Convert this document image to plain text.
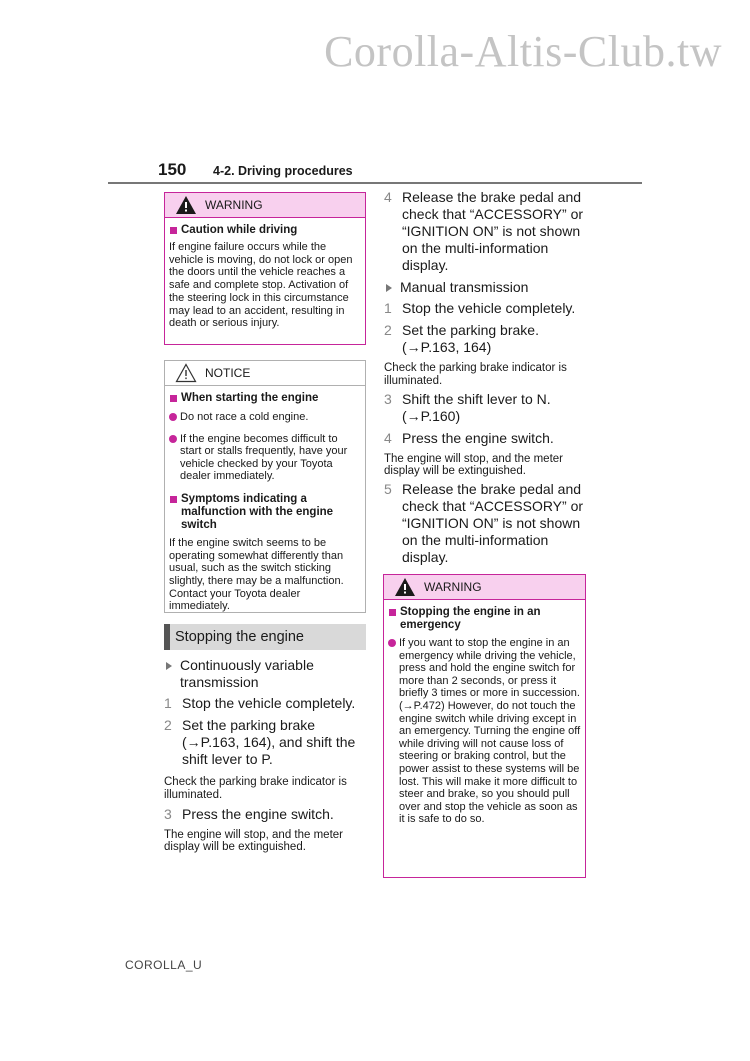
Corolla-Altis-Club.tw
150 4-2. Driving procedures
WARNING
Caution while driving
If engine failure occurs while the vehicle is moving, do not lock or open the doors until the vehicle reaches a safe and complete stop. Activation of the steering lock in this circumstance may lead to an accident, resulting in death or serious injury.
NOTICE
When starting the engine
Do not race a cold engine.
If the engine becomes difficult to start or stalls frequently, have your vehicle checked by your Toyota dealer immediately.
Symptoms indicating a malfunction with the engine switch
If the engine switch seems to be operating somewhat differently than usual, such as the switch sticking slightly, there may be a malfunction. Contact your Toyota dealer immediately.
Stopping the engine
Continuously variable transmission
1 Stop the vehicle completely.
2 Set the parking brake (→P.163, 164), and shift the shift lever to P.
Check the parking brake indicator is illuminated.
3 Press the engine switch.
The engine will stop, and the meter display will be extinguished.
4 Release the brake pedal and check that “ACCESSORY” or “IGNITION ON” is not shown on the multi-information display.
Manual transmission
1 Stop the vehicle completely.
2 Set the parking brake. (→P.163, 164)
Check the parking brake indicator is illuminated.
3 Shift the shift lever to N. (→P.160)
4 Press the engine switch.
The engine will stop, and the meter display will be extinguished.
5 Release the brake pedal and check that “ACCESSORY” or “IGNITION ON” is not shown on the multi-information display.
WARNING
Stopping the engine in an emergency
If you want to stop the engine in an emergency while driving the vehicle, press and hold the engine switch for more than 2 seconds, or press it briefly 3 times or more in succession. (→P.472) However, do not touch the engine switch while driving except in an emergency. Turning the engine off while driving will not cause loss of steering or braking control, but the power assist to these systems will be lost. This will make it more difficult to steer and brake, so you should pull over and stop the vehicle as soon as it is safe to do so.
COROLLA_U
